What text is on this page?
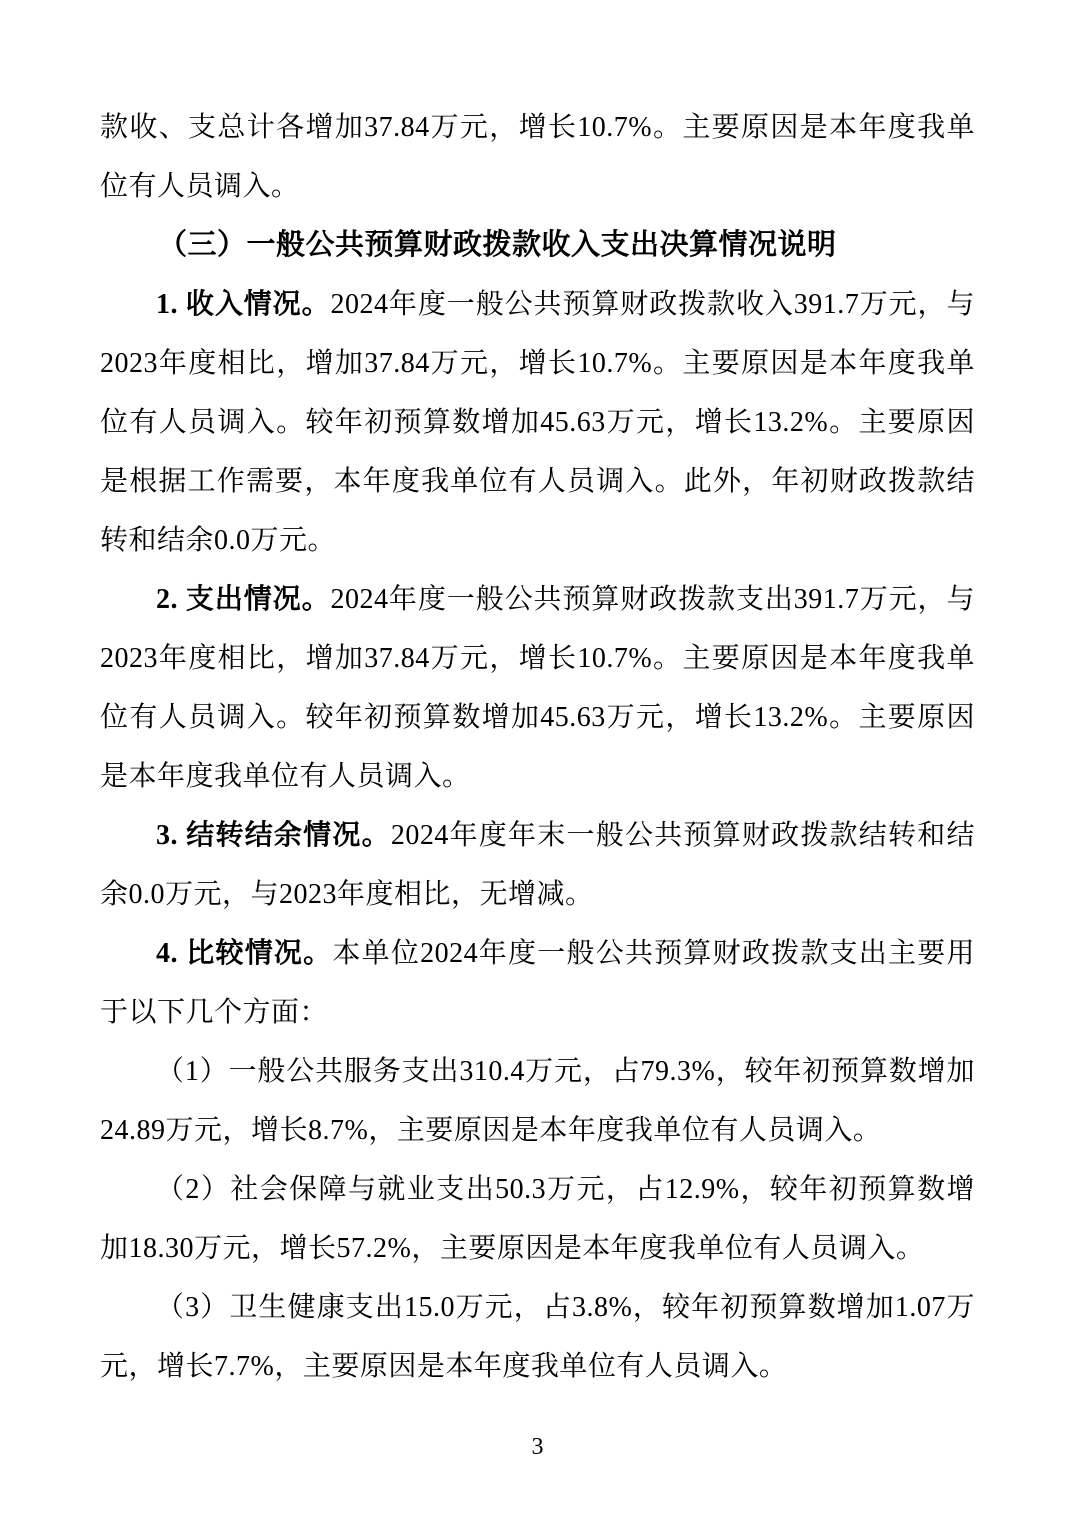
款收、支总计各增加37.84万元，增长10.7%。主要原因是本年度我单位有人员调入。

（三）一般公共预算财政拨款收入支出决算情况说明

1. 收入情况。2024年度一般公共预算财政拨款收入391.7万元，与2023年度相比，增加37.84万元，增长10.7%。主要原因是本年度我单位有人员调入。较年初预算数增加45.63万元，增长13.2%。主要原因是根据工作需要，本年度我单位有人员调入。此外，年初财政拨款结转和结余0.0万元。

2. 支出情况。2024年度一般公共预算财政拨款支出391.7万元，与2023年度相比，增加37.84万元，增长10.7%。主要原因是本年度我单位有人员调入。较年初预算数增加45.63万元，增长13.2%。主要原因是本年度我单位有人员调入。

3. 结转结余情况。2024年度年末一般公共预算财政拨款结转和结余0.0万元，与2023年度相比，无增减。

4. 比较情况。本单位2024年度一般公共预算财政拨款支出主要用于以下几个方面：

（1）一般公共服务支出310.4万元，占79.3%，较年初预算数增加24.89万元，增长8.7%，主要原因是本年度我单位有人员调入。

（2）社会保障与就业支出50.3万元，占12.9%，较年初预算数增加18.30万元，增长57.2%，主要原因是本年度我单位有人员调入。

（3）卫生健康支出15.0万元，占3.8%，较年初预算数增加1.07万元，增长7.7%，主要原因是本年度我单位有人员调入。

3
